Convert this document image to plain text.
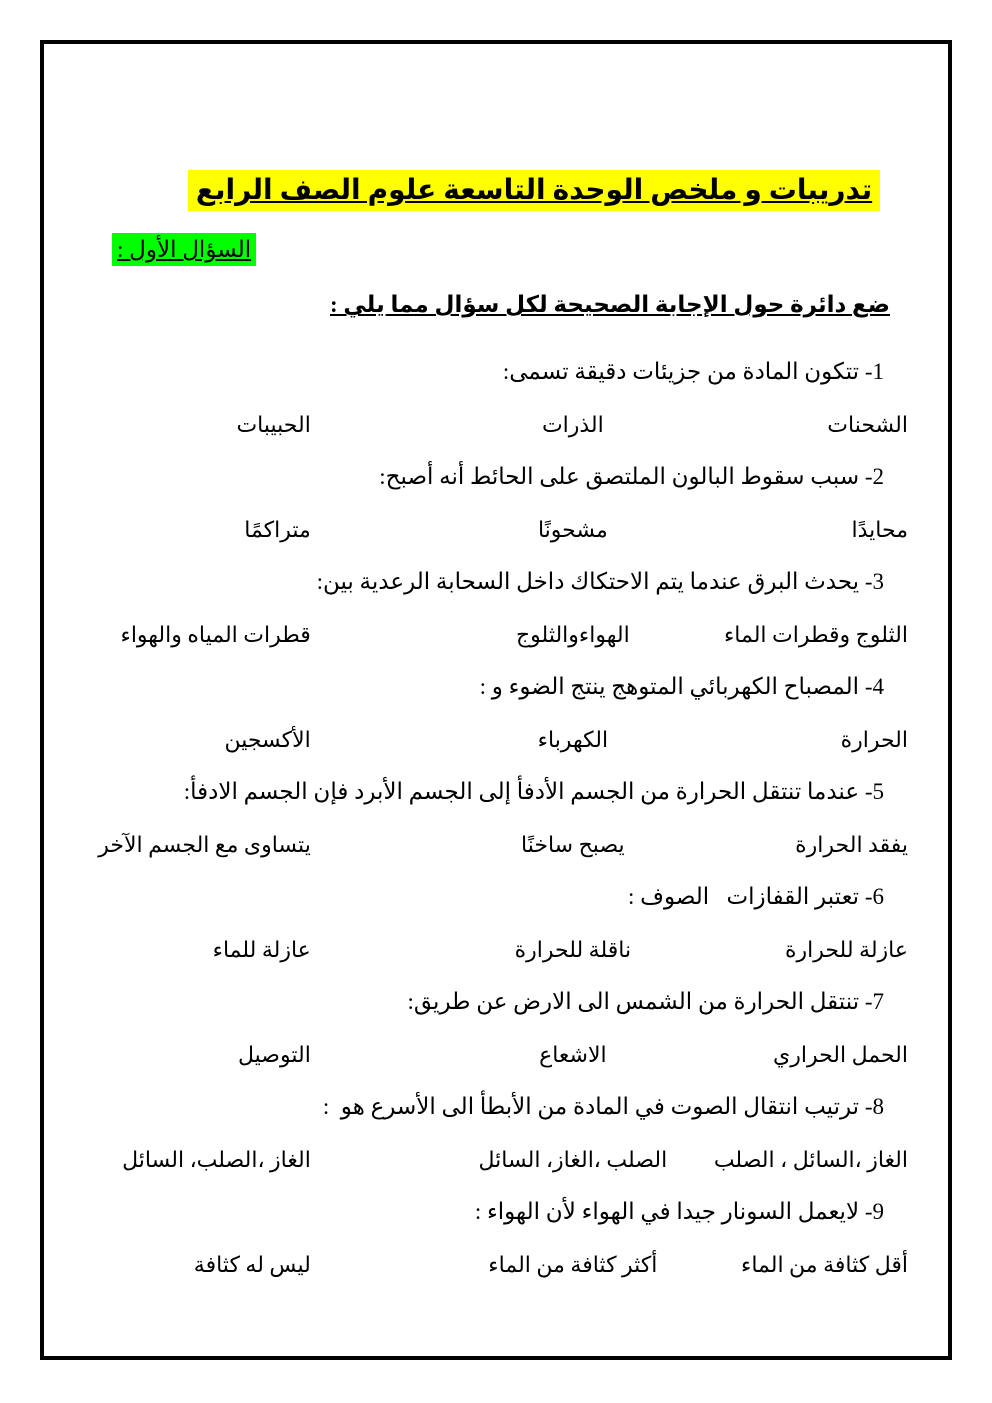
تدريبات و ملخص الوحدة التاسعة علوم الصف الرابع
السؤال الأول :
ضع دائرة حول الإجابة الصحيحة لكل سؤال مما يلي :
1- تتكون المادة من جزيئات دقيقة تسمى:
الشحنات
الذرات
الحبيبات
2- سبب سقوط البالون الملتصق على الحائط أنه أصبح:
محايدًا
مشحونًا
متراكمًا
3- يحدث البرق عندما يتم الاحتكاك داخل السحابة الرعدية بين:
الثلوج وقطرات الماء
الهواءوالثلوج
قطرات المياه والهواء
4- المصباح الكهربائي المتوهج ينتج الضوء و :
الحرارة
الكهرباء
الأكسجين
5- عندما تنتقل الحرارة من الجسم الأدفأ إلى الجسم الأبرد فإن الجسم الادفأ:
يفقد الحرارة
يصبح ساخنًا
يتساوى مع الجسم الآخر
6- تعتبر القفازات   الصوف :
عازلة للحرارة
ناقلة للحرارة
عازلة للماء
7- تنتقل الحرارة من الشمس الى الارض عن طريق:
الحمل الحراري
الاشعاع
التوصيل
8- ترتيب انتقال الصوت في المادة من الأبطأ الى الأسرع هو  :
الغاز ،السائل ، الصلب
الصلب ،الغاز، السائل
الغاز ،الصلب، السائل
9- لايعمل السونار جيدا في الهواء لأن الهواء :
أقل كثافة من الماء
أكثر كثافة من الماء
ليس له كثافة
